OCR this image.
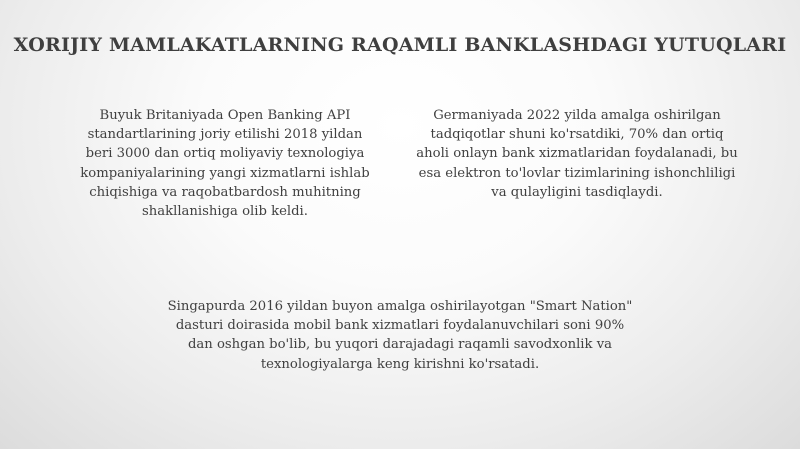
XORIJIY MAMLAKATLARNING RAQAMLI BANKLASHDAGI YUTUQLARI
Buyuk Britaniyada Open Banking API
standartlarining joriy etilishi 2018 yildan
beri 3000 dan ortiq moliyaviy texnologiya
kompaniyalarining yangi xizmatlarni ishlab
chiqishiga va raqobatbardosh muhitning
shakllanishiga olib keldi.
Germaniyada 2022 yilda amalga oshirilgan
tadqiqotlar shuni ko'rsatdiki, 70% dan ortiq
aholi onlayn bank xizmatlaridan foydalanadi, bu
esa elektron to'lovlar tizimlarining ishonchliligi
va qulayligini tasdiqlaydi.
Singapurda 2016 yildan buyon amalga oshirilayotgan "Smart Nation"
dasturi doirasida mobil bank xizmatlari foydalanuvchilari soni 90%
dan oshgan bo'lib, bu yuqori darajadagi raqamli savodxonlik va
texnologiyalarga keng kirishni ko'rsatadi.
